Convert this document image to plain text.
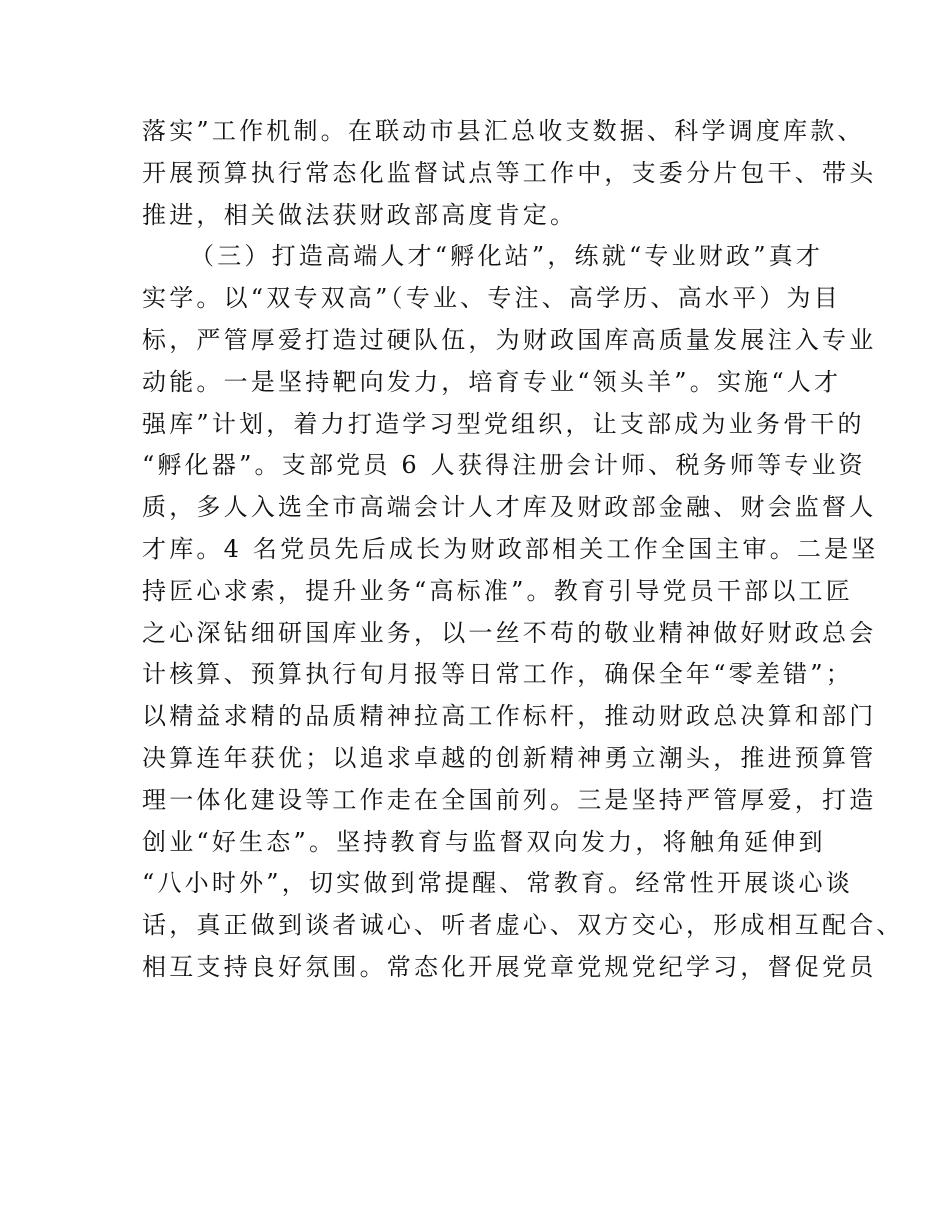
落实”工作机制。在联动市县汇总收支数据、科学调度库款、
开展预算执行常态化监督试点等工作中，支委分片包干、带头
推进，相关做法获财政部高度肯定。
（三）打造高端人才“孵化站”，练就“专业财政”真才
实学。以“双专双高”（专业、专注、高学历、高水平）为目
标，严管厚爱打造过硬队伍，为财政国库高质量发展注入专业
动能。一是坚持靶向发力，培育专业“领头羊”。实施“人才
强库”计划，着力打造学习型党组织，让支部成为业务骨干的
“孵化器”。支部党员 6 人获得注册会计师、税务师等专业资
质，多人入选全市高端会计人才库及财政部金融、财会监督人
才库。4 名党员先后成长为财政部相关工作全国主审。二是坚
持匠心求索，提升业务“高标准”。教育引导党员干部以工匠
之心深钻细研国库业务，以一丝不苟的敬业精神做好财政总会
计核算、预算执行旬月报等日常工作，确保全年“零差错”；
以精益求精的品质精神拉高工作标杆，推动财政总决算和部门
决算连年获优；以追求卓越的创新精神勇立潮头，推进预算管
理一体化建设等工作走在全国前列。三是坚持严管厚爱，打造
创业“好生态”。坚持教育与监督双向发力，将触角延伸到
“八小时外”，切实做到常提醒、常教育。经常性开展谈心谈
话，真正做到谈者诚心、听者虚心、双方交心，形成相互配合、
相互支持良好氛围。常态化开展党章党规党纪学习，督促党员
